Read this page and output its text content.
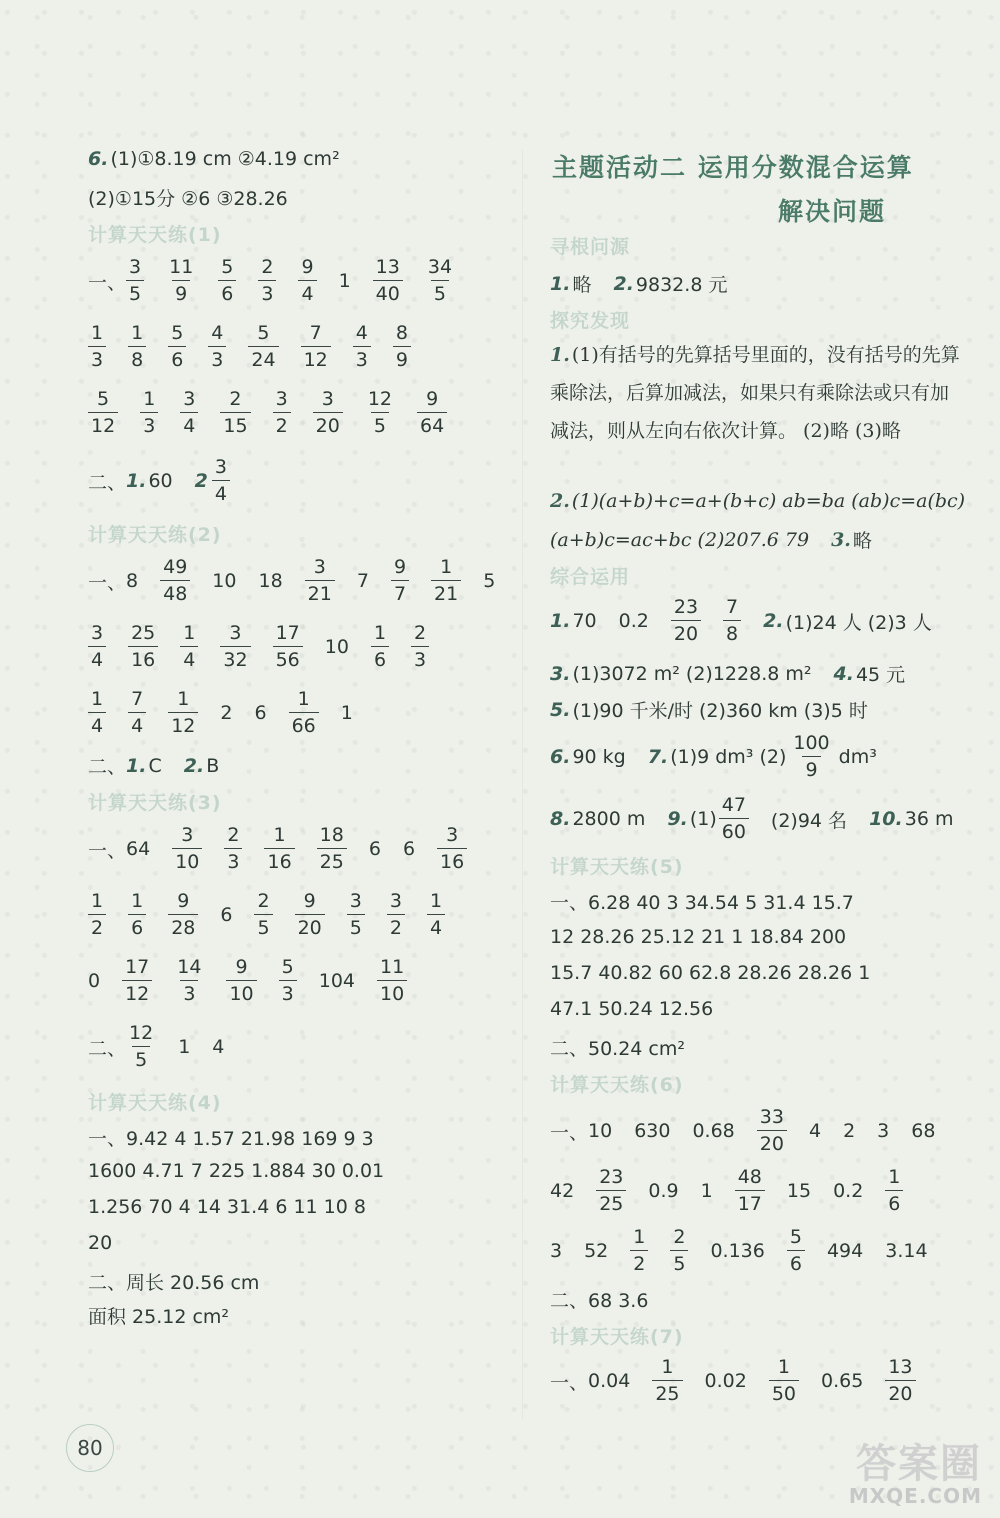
6. (1)①8.19 cm ②4.19 cm²
(2)①15分 ②6 ③28.26
计算天天练(1)
一、 $\frac{3}{5} \frac{11}{9} \frac{5}{6} \frac{2}{3} \frac{9}{4} 1 \frac{13}{40} \frac{34}{5}$
$\frac{1}{3} \frac{1}{8} \frac{5}{6} \frac{4}{3} \frac{5}{24} \frac{7}{12} \frac{4}{3} \frac{8}{9}$
$\frac{5}{12} \frac{1}{3} \frac{3}{4} \frac{2}{15} \frac{3}{2} \frac{3}{20} \frac{12}{5} \frac{9}{64}$
二、 1. 60 $2 \frac{3}{4}$
计算天天练(2)
一、 $8 \frac{49}{48} 10$ $18 \frac{3}{21} 7 \frac{9}{7} \frac{1}{21} 5$
$\frac{3}{4} \frac{25}{16} \frac{1}{4} \frac{3}{32} \frac{17}{56} 10 \frac{1}{6} \frac{2}{3}$
$\frac{1}{4} \frac{7}{4} \frac{1}{12} 2$ $6 \frac{1}{66} 1$
二、 1. C 2. B
计算天天练(3)
一、 $64 \frac{3}{10} \frac{2}{3} \frac{1}{16} \frac{18}{25} 6$ $6 \frac{3}{16}$
$\frac{1}{2} \frac{1}{6} \frac{9}{28} 6 \frac{2}{5} \frac{9}{20} \frac{3}{5} \frac{3}{2} \frac{1}{4}$
$0 \frac{17}{12} \frac{14}{3} \frac{9}{10} \frac{5}{3} 104 \frac{11}{10}$
二、 $\frac{12}{5} 1$ 4
计算天天练(4)
一、9.42 4 1.57 21.98 169 9 3
1600 4.71 7 225 1.884 30 0.01
1.256 70 4 14 31.4 6 11 10 8
20
二、周长 20.56 cm
面积 25.12 cm²
80
主题活动二 运用分数混合运算
解决问题
寻根问源
1. 略 2. 9832.8 元
探究发现
1. (1)有括号的先算括号里面的，没有括号的先算乘除法，后算加减法，如果只有乘除法或只有加减法，则从左向右依次计算。 (2)略 (3)略
2. (1)(a+b)+c=a+(b+c) ab=ba (ab)c=a(bc)
(a+b)c=ac+bc (2)207.6 79 3. 略
综合运用
1. 70 $0.2 \frac{23}{20} \frac{7}{8} 2$. (1)24 人 (2)3 人
3. (1)3072 m² (2)1228.8 m² 4. 45 元
5. (1)90 千米/时 (2)360 km (3)5 时
6. 90 kg 7. (1)9 dm³ $(2) \frac{100}{9} dm^3$
8. 2800 m 9. $(1) \frac{47}{60} (2)94$ 名 10. 36 m
计算天天练(5)
一、6.28 40 3 34.54 5 31.4 15.7
12 28.26 25.12 21 1 18.84 200
15.7 40.82 60 62.8 28.26 28.26 1
47.1 50.24 12.56
二、50.24 cm²
计算天天练(6)
一、 10 630 $0.68 \frac{33}{20} 4$ 2 3 68
$42 \frac{23}{25} 0.9$ $1 \frac{48}{17} 15$ $0.2 \frac{1}{6}$
3 $52 \frac{1}{2} \frac{2}{5} 0.136 \frac{5}{6} 494$ 3.14
二、68 3.6
计算天天练(7)
一、 $0.04 \frac{1}{25} 0.02 \frac{1}{50} 0.65 \frac{13}{20}$
答案圈
MXQE.COM
